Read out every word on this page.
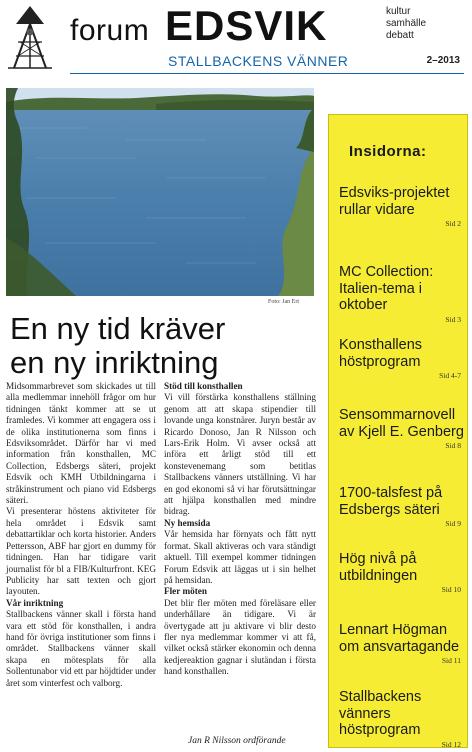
forum EDSVIK	kultur
samhälle
debatt
STALLBACKENS VÄNNER	2–2013
Foto: Jan Ert
En ny tid kräver
en ny inriktning

Midsommarbrevet som skickades ut till alla medlemmar innehöll frågor om hur tidningen tänkt kommer att se ut framledes. Vi kommer att engagera oss i de olika institutionerna som finns i Edsviksområdet. Därför har vi med information från konsthallen, MC Collection, Edsbergs säteri, projekt Edsvik och KMH Utbildningarna i stråkinstrument och piano vid Edsbergs säteri.

Vi presenterar höstens aktiviteter för hela området i Edsvik samt debattartiklar och korta historier. Anders Pettersson, ABF har gjort en dummy för tidningen. Han har tidigare varit journalist för bl a FIB/Kulturfront. KEG Publicity har satt texten och gjort layouten.

Vår inriktning

Stallbackens vänner skall i första hand vara ett stöd för konsthallen, i andra hand för övriga institutioner som finns i området. Stallbackens vänner skall skapa en mötesplats för alla Sollentunabor vid ett par höjdtider under året som vinterfest och valborg.

Stöd till konsthallen

Vi vill förstärka konsthallens ställning genom att att skapa stipendier till lovande unga konstnärer. Juryn består av Ricardo Donoso, Jan R Nilsson och Lars-Erik Holm. Vi avser också att införa ett årligt stöd till ett konstevenemang som betitlas Stallbackens vänners utställning. Vi har en god ekonomi så vi har förutsättningar att hjälpa konsthallen med mindre bidrag.

Ny hemsida

Vår hemsida har förnyats och fått nytt format. Skall aktiveras och vara ständigt aktuell. Till exempel kommer tidningen Forum Edsvik att läggas ut i sin helhet på hemsidan.

Fler möten

Det blir fler möten med föreläsare eller underhållare än tidigare. Vi är övertygade att ju aktivare vi blir desto fler nya medlemmar kommer vi att få, vilket också stärker ekonomin och denna kedjereaktion gagnar i slutändan i första hand konsthallen.

Jan R Nilsson ordförande
Insidorna:
Edsviks-projektet rullar vidare
Sid 2
MC Collection: Italien-tema i oktober
Sid 3
Konsthallens höstprogram
Sid 4-7
Sensommarnovell av Kjell E. Genberg
Sid 8
1700-talsfest på Edsbergs säteri
Sid 9
Hög nivå på utbildningen
Sid 10
Lennart Högman om ansvartagande
Sid 11
Stallbackens vänners höstprogram
Sid 12
